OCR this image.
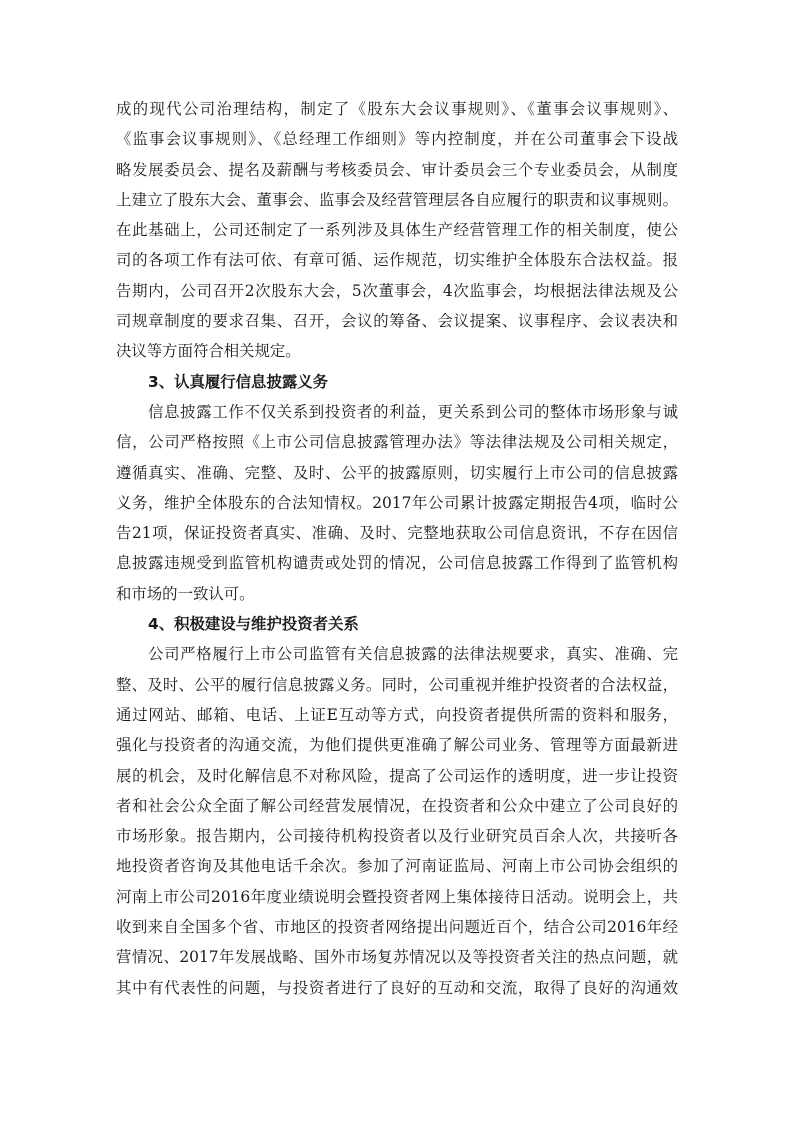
成的现代公司治理结构，制定了《股东大会议事规则》、《董事会议事规则》、
《监事会议事规则》、《总经理工作细则》等内控制度，并在公司董事会下设战
略发展委员会、提名及薪酬与考核委员会、审计委员会三个专业委员会，从制度
上建立了股东大会、董事会、监事会及经营管理层各自应履行的职责和议事规则。
在此基础上，公司还制定了一系列涉及具体生产经营管理工作的相关制度，使公
司的各项工作有法可依、有章可循、运作规范，切实维护全体股东合法权益。报
告期内，公司召开2次股东大会，5次董事会，4次监事会，均根据法律法规及公
司规章制度的要求召集、召开，会议的筹备、会议提案、议事程序、会议表决和
决议等方面符合相关规定。
3、认真履行信息披露义务
信息披露工作不仅关系到投资者的利益，更关系到公司的整体市场形象与诚
信，公司严格按照《上市公司信息披露管理办法》等法律法规及公司相关规定，
遵循真实、准确、完整、及时、公平的披露原则，切实履行上市公司的信息披露
义务，维护全体股东的合法知情权。2017年公司累计披露定期报告4项，临时公
告21项，保证投资者真实、准确、及时、完整地获取公司信息资讯，不存在因信
息披露违规受到监管机构谴责或处罚的情况，公司信息披露工作得到了监管机构
和市场的一致认可。
4、积极建设与维护投资者关系
公司严格履行上市公司监管有关信息披露的法律法规要求，真实、准确、完
整、及时、公平的履行信息披露义务。同时，公司重视并维护投资者的合法权益，
通过网站、邮箱、电话、上证E互动等方式，向投资者提供所需的资料和服务，
强化与投资者的沟通交流，为他们提供更准确了解公司业务、管理等方面最新进
展的机会，及时化解信息不对称风险，提高了公司运作的透明度，进一步让投资
者和社会公众全面了解公司经营发展情况，在投资者和公众中建立了公司良好的
市场形象。报告期内，公司接待机构投资者以及行业研究员百余人次，共接听各
地投资者咨询及其他电话千余次。参加了河南证监局、河南上市公司协会组织的
河南上市公司2016年度业绩说明会暨投资者网上集体接待日活动。说明会上，共
收到来自全国多个省、市地区的投资者网络提出问题近百个，结合公司2016年经
营情况、2017年发展战略、国外市场复苏情况以及等投资者关注的热点问题，就
其中有代表性的问题，与投资者进行了良好的互动和交流，取得了良好的沟通效
